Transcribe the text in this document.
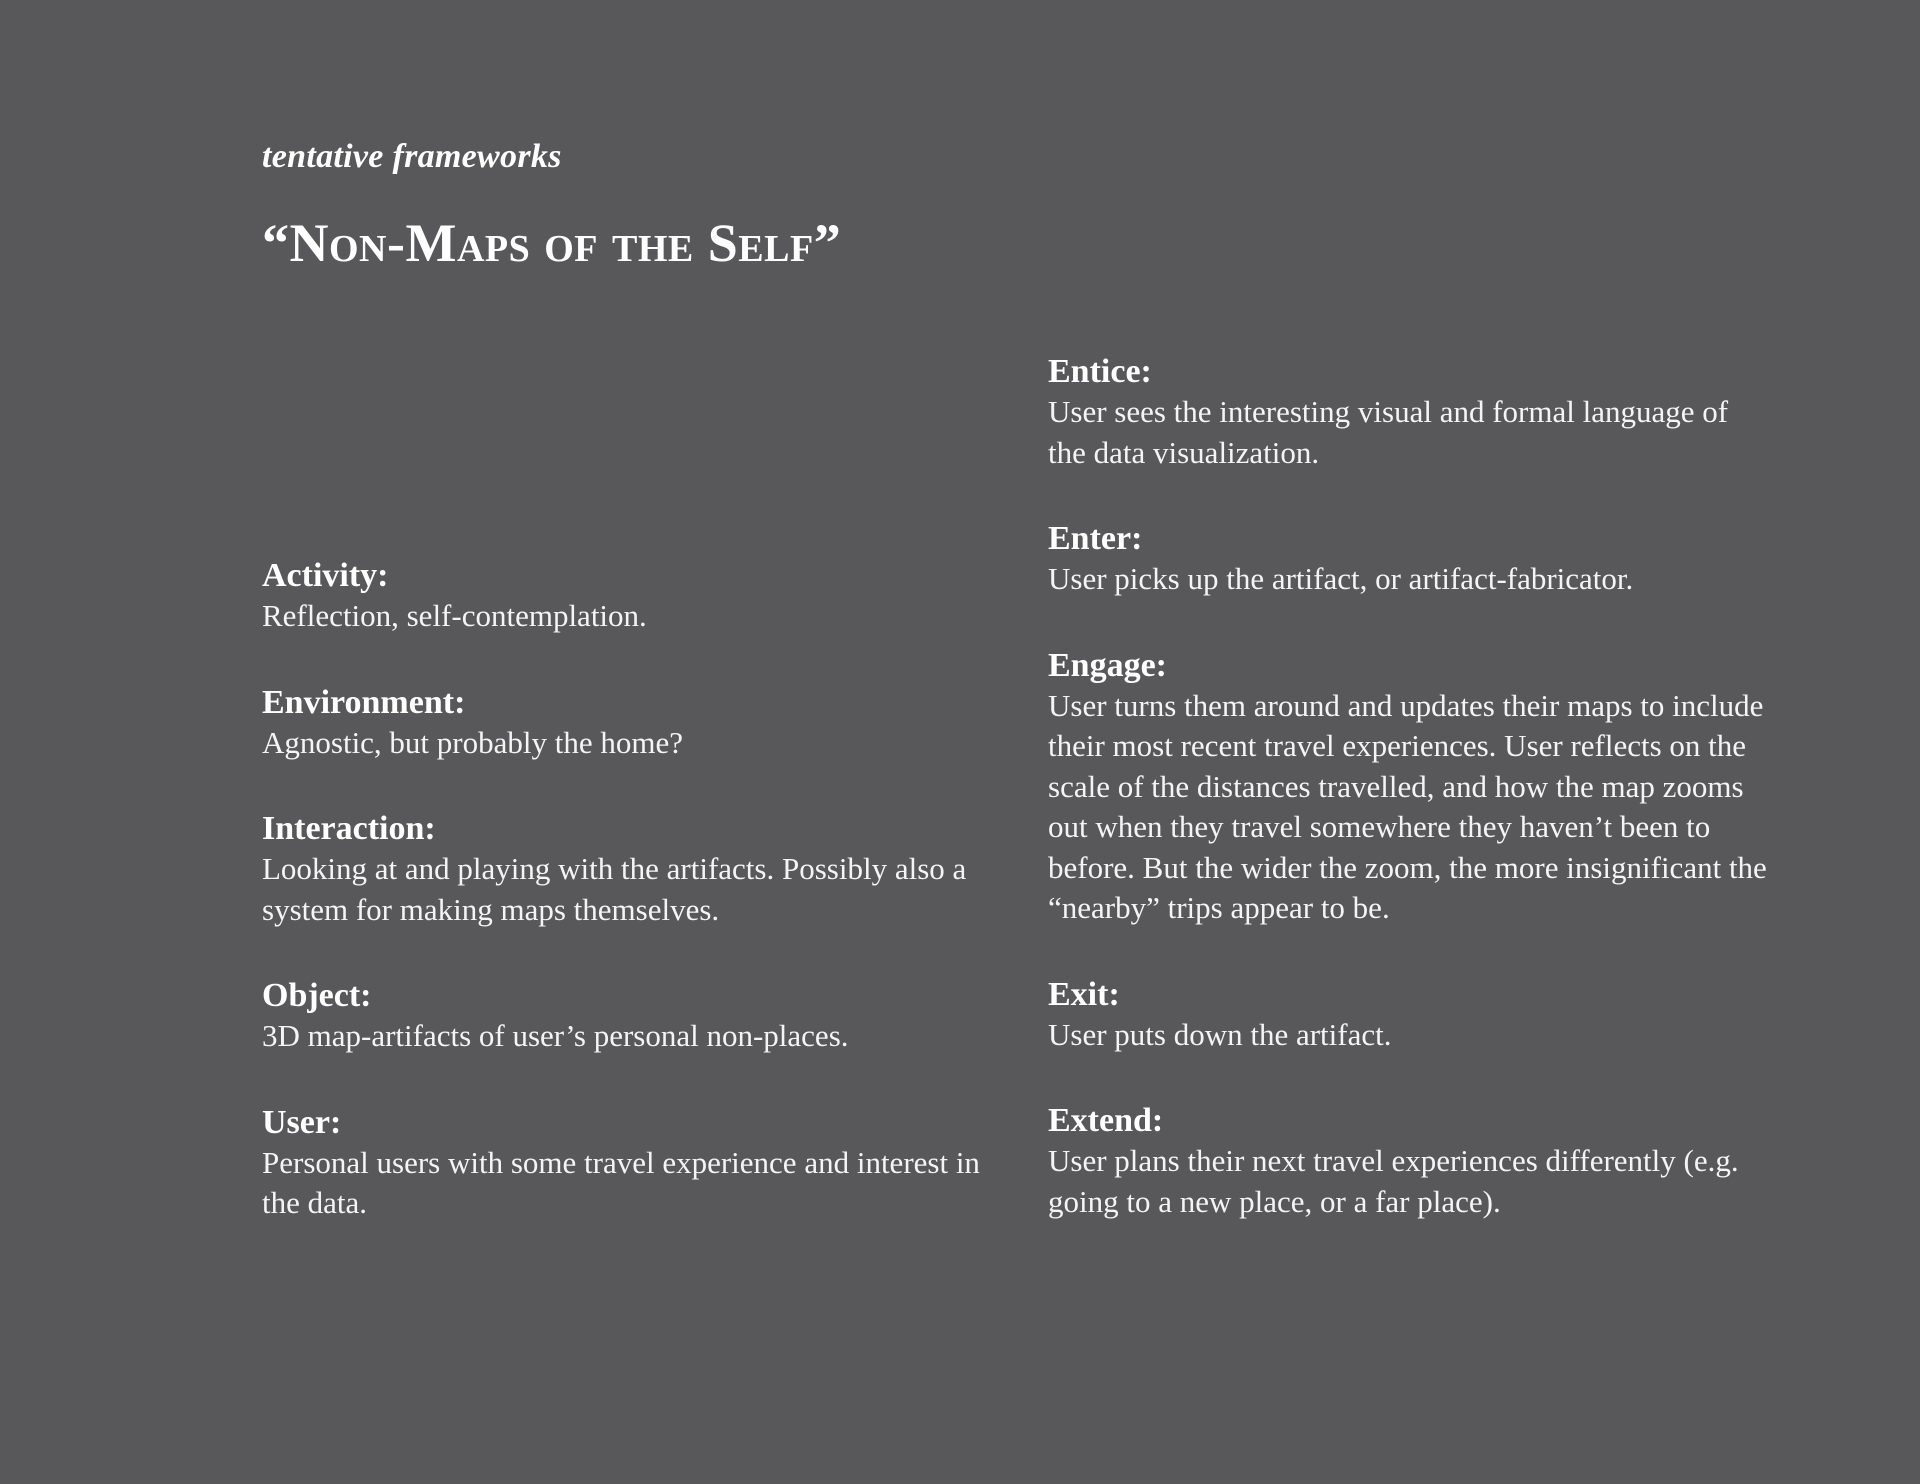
tentative frameworks

“Non-Maps of the Self”

Activity:

Reflection, self-contemplation.

Environment:

Agnostic, but probably the home?

Interaction:

Looking at and playing with the artifacts. Possibly also a system for making maps themselves.

Object:

3D map-artifacts of user’s personal non-places.

User:

Personal users with some travel experience and interest in the data.

Entice:

User sees the interesting visual and formal language of the data visualization.

Enter:

User picks up the artifact, or artifact-fabricator.

Engage:

User turns them around and updates their maps to include their most recent travel experiences. User reflects on the scale of the distances travelled, and how the map zooms out when they travel somewhere they haven’t been to before. But the wider the zoom, the more insignificant the “nearby” trips appear to be.

Exit:

User puts down the artifact.

Extend:

User plans their next travel experiences differently (e.g. going to a new place, or a far place).
